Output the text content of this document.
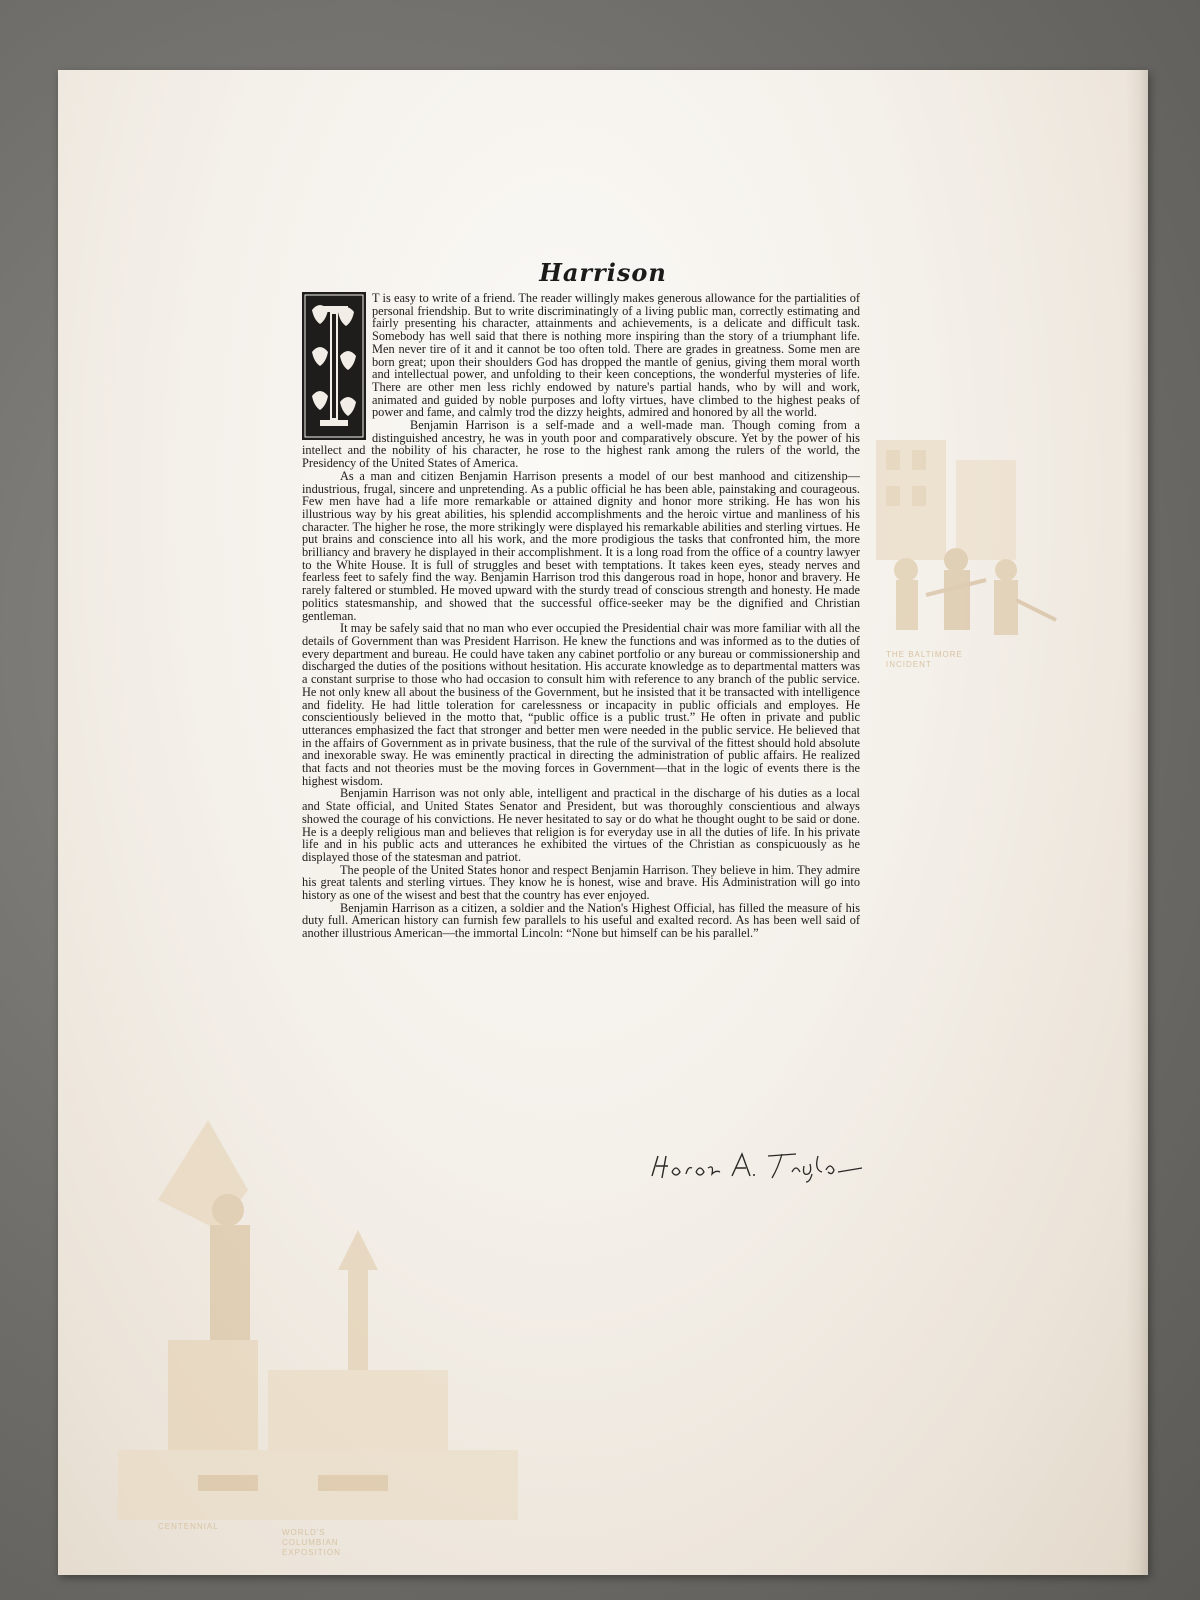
THE BALTIMORE INCIDENT
CENTENNIAL
WORLD'S COLUMBIAN EXPOSITION
Harrison

T is easy to write of a friend. The reader willingly makes generous allowance for the partialities of personal friendship. But to write discriminatingly of a living public man, correctly estimating and fairly presenting his character, attainments and achievements, is a delicate and difficult task. Somebody has well said that there is nothing more inspiring than the story of a triumphant life. Men never tire of it and it cannot be too often told. There are grades in greatness. Some men are born great; upon their shoulders God has dropped the mantle of genius, giving them moral worth and intellectual power, and unfolding to their keen conceptions, the wonderful mysteries of life. There are other men less richly endowed by nature's partial hands, who by will and work, animated and guided by noble purposes and lofty virtues, have climbed to the highest peaks of power and fame, and calmly trod the dizzy heights, admired and honored by all the world.

Benjamin Harrison is a self-made and a well-made man. Though coming from a distinguished ancestry, he was in youth poor and comparatively obscure. Yet by the power of his intellect and the nobility of his character, he rose to the highest rank among the rulers of the world, the Presidency of the United States of America.

As a man and citizen Benjamin Harrison presents a model of our best manhood and citizenship—industrious, frugal, sincere and unpretending. As a public official he has been able, painstaking and courageous. Few men have had a life more remarkable or attained dignity and honor more striking. He has won his illustrious way by his great abilities, his splendid accomplishments and the heroic virtue and manliness of his character. The higher he rose, the more strikingly were displayed his remarkable abilities and sterling virtues. He put brains and conscience into all his work, and the more prodigious the tasks that confronted him, the more brilliancy and bravery he displayed in their accomplishment. It is a long road from the office of a country lawyer to the White House. It is full of struggles and beset with temptations. It takes keen eyes, steady nerves and fearless feet to safely find the way. Benjamin Harrison trod this dangerous road in hope, honor and bravery. He rarely faltered or stumbled. He moved upward with the sturdy tread of conscious strength and honesty. He made politics statesmanship, and showed that the successful office-seeker may be the dignified and Christian gentleman.

It may be safely said that no man who ever occupied the Presidential chair was more familiar with all the details of Government than was President Harrison. He knew the functions and was informed as to the duties of every department and bureau. He could have taken any cabinet portfolio or any bureau or commissionership and discharged the duties of the positions without hesitation. His accurate knowledge as to departmental matters was a constant surprise to those who had occasion to consult him with reference to any branch of the public service. He not only knew all about the business of the Government, but he insisted that it be transacted with intelligence and fidelity. He had little toleration for carelessness or incapacity in public officials and employes. He conscientiously believed in the motto that, “public office is a public trust.” He often in private and public utterances emphasized the fact that stronger and better men were needed in the public service. He believed that in the affairs of Government as in private business, that the rule of the survival of the fittest should hold absolute and inexorable sway. He was eminently practical in directing the administration of public affairs. He realized that facts and not theories must be the moving forces in Government—that in the logic of events there is the highest wisdom.

Benjamin Harrison was not only able, intelligent and practical in the discharge of his duties as a local and State official, and United States Senator and President, but was thoroughly conscientious and always showed the courage of his convictions. He never hesitated to say or do what he thought ought to be said or done. He is a deeply religious man and believes that religion is for everyday use in all the duties of life. In his private life and in his public acts and utterances he exhibited the virtues of the Christian as conspicuously as he displayed those of the statesman and patriot.

The people of the United States honor and respect Benjamin Harrison. They believe in him. They admire his great talents and sterling virtues. They know he is honest, wise and brave. His Administration will go into history as one of the wisest and best that the country has ever enjoyed.

Benjamin Harrison as a citizen, a soldier and the Nation's Highest Official, has filled the measure of his duty full. American history can furnish few parallels to his useful and exalted record. As has been well said of another illustrious American—the immortal Lincoln: “None but himself can be his parallel.”
